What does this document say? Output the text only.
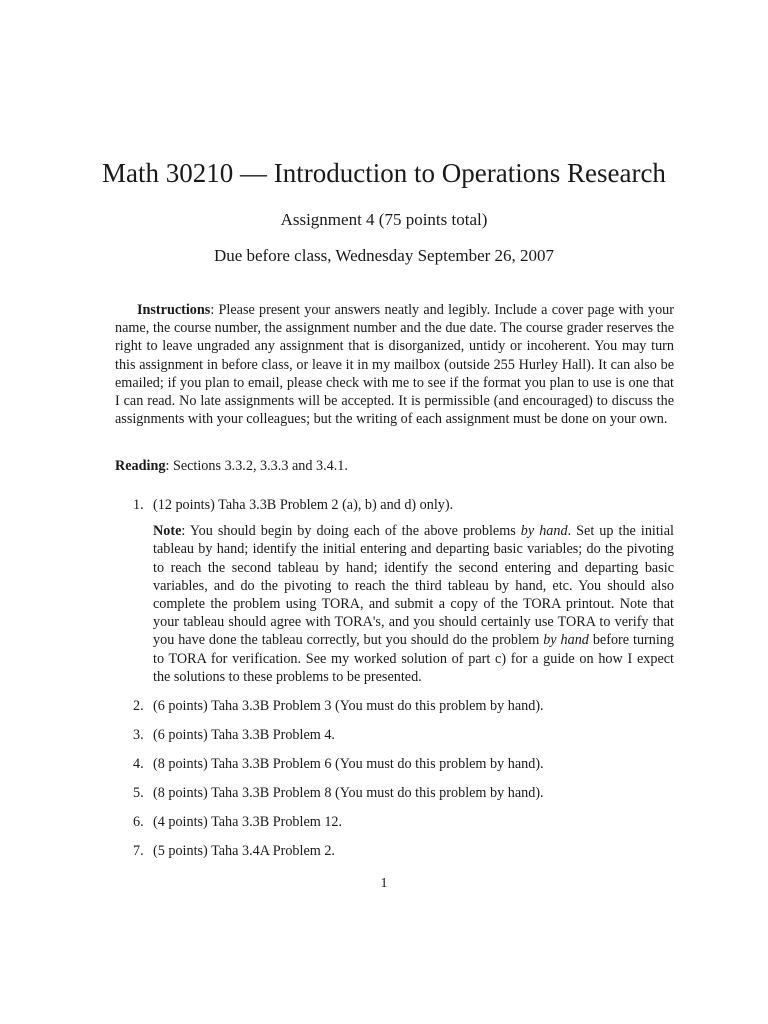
Math 30210 — Introduction to Operations Research

Assignment 4 (75 points total)

Due before class, Wednesday September 26, 2007

Instructions: Please present your answers neatly and legibly. Include a cover page with your name, the course number, the assignment number and the due date. The course grader reserves the right to leave ungraded any assignment that is disorganized, untidy or incoherent. You may turn this assignment in before class, or leave it in my mailbox (outside 255 Hurley Hall). It can also be emailed; if you plan to email, please check with me to see if the format you plan to use is one that I can read. No late assignments will be accepted. It is permissible (and encouraged) to discuss the assignments with your colleagues; but the writing of each assignment must be done on your own.

Reading: Sections 3.3.2, 3.3.3 and 3.4.1.

1. (12 points) Taha 3.3B Problem 2 (a), b) and d) only).

Note: You should begin by doing each of the above problems by hand. Set up the initial tableau by hand; identify the initial entering and departing basic variables; do the pivoting to reach the second tableau by hand; identify the second entering and departing basic variables, and do the pivoting to reach the third tableau by hand, etc. You should also complete the problem using TORA, and submit a copy of the TORA printout. Note that your tableau should agree with TORA's, and you should certainly use TORA to verify that you have done the tableau correctly, but you should do the problem by hand before turning to TORA for verification. See my worked solution of part c) for a guide on how I expect the solutions to these problems to be presented.

2. (6 points) Taha 3.3B Problem 3 (You must do this problem by hand).
3. (6 points) Taha 3.3B Problem 4.
4. (8 points) Taha 3.3B Problem 6 (You must do this problem by hand).
5. (8 points) Taha 3.3B Problem 8 (You must do this problem by hand).
6. (4 points) Taha 3.3B Problem 12.
7. (5 points) Taha 3.4A Problem 2.
1
